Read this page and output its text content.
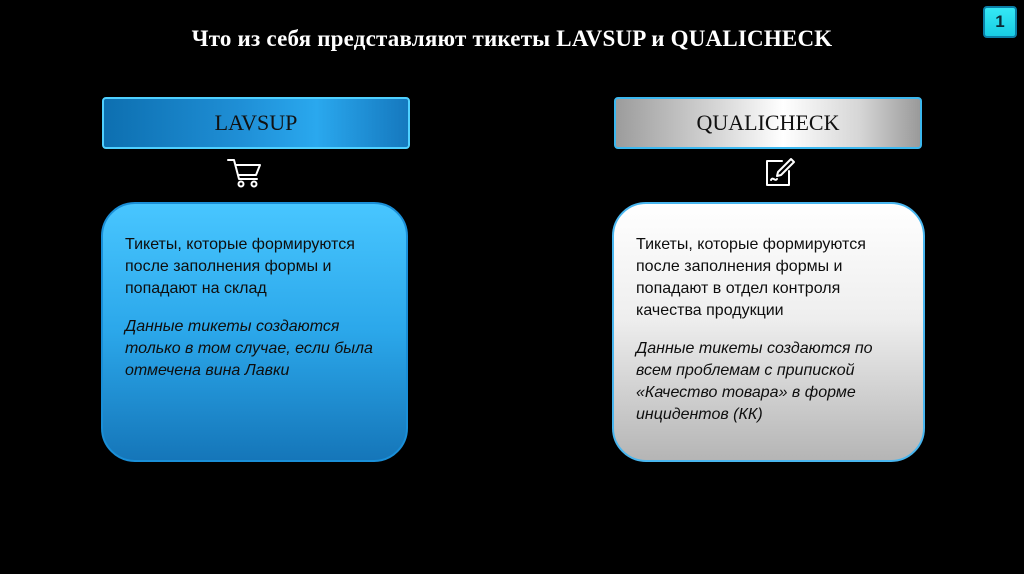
Что из себя представляют тикеты LAVSUP и QUALICHECK
1
LAVSUP

Тикеты, которые формируются после заполнения формы и попадают на склад

Данные тикеты создаются только в том случае, если была отмечена вина Лавки

QUALICHECK

Тикеты, которые формируются после заполнения формы и попадают в отдел контроля качества продукции

Данные тикеты создаются по всем проблемам с припиской «Качество товара» в форме инцидентов (КК)
